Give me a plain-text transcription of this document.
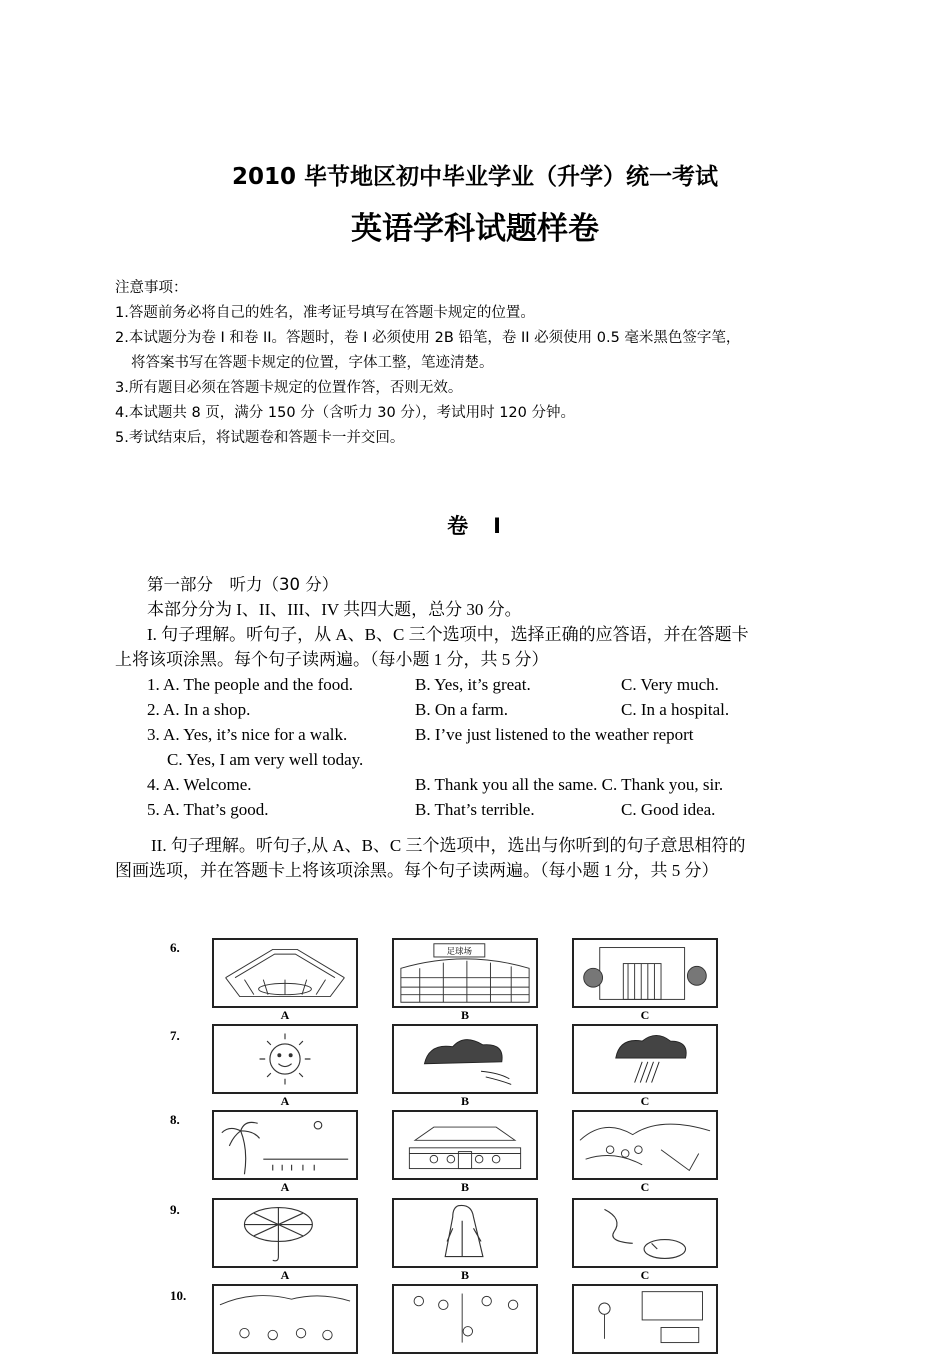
2010 毕节地区初中毕业学业（升学）统一考试
英语学科试题样卷
注意事项：
1.答题前务必将自己的姓名，准考证号填写在答题卡规定的位置。
2.本试题分为卷 I 和卷 II。答题时，卷 I 必须使用 2B 铅笔，卷 II 必须使用 0.5 毫米黑色签字笔，
将答案书写在答题卡规定的位置，字体工整，笔迹清楚。
3.所有题目必须在答题卡规定的位置作答，否则无效。
4.本试题共 8 页，满分 150 分（含听力 30 分），考试用时 120 分钟。
5.考试结束后，将试题卷和答题卡一并交回。
卷　I
第一部分　听力（30 分）
本部分分为 I、II、III、IV 共四大题，总分 30 分。
I. 句子理解。听句子，从 A、B、C 三个选项中，选择正确的应答语，并在答题卡
上将该项涂黑。每个句子读两遍。（每小题 1 分，共 5 分）
1. A. The people and the food.	B. Yes, it’s great.	C. Very much.
2. A. In a shop.	B. On a farm.	C. In a hospital.
3. A. Yes, it’s nice for a walk.	B. I’ve just listened to the weather report
C. Yes, I am very well today.
4. A. Welcome.	B. Thank you all the same. C. Thank you, sir.
5. A. That’s good.	B. That’s terrible.	C. Good idea.
II. 句子理解。听句子,从 A、B、C 三个选项中，选出与你听到的句子意思相符的
图画选项，并在答题卡上将该项涂黑。每个句子读两遍。（每小题 1 分，共 5 分）
6.	足球场
A	B	C
7.
A	B	C
8.
A	B	C
9.
A	B	C
10.
